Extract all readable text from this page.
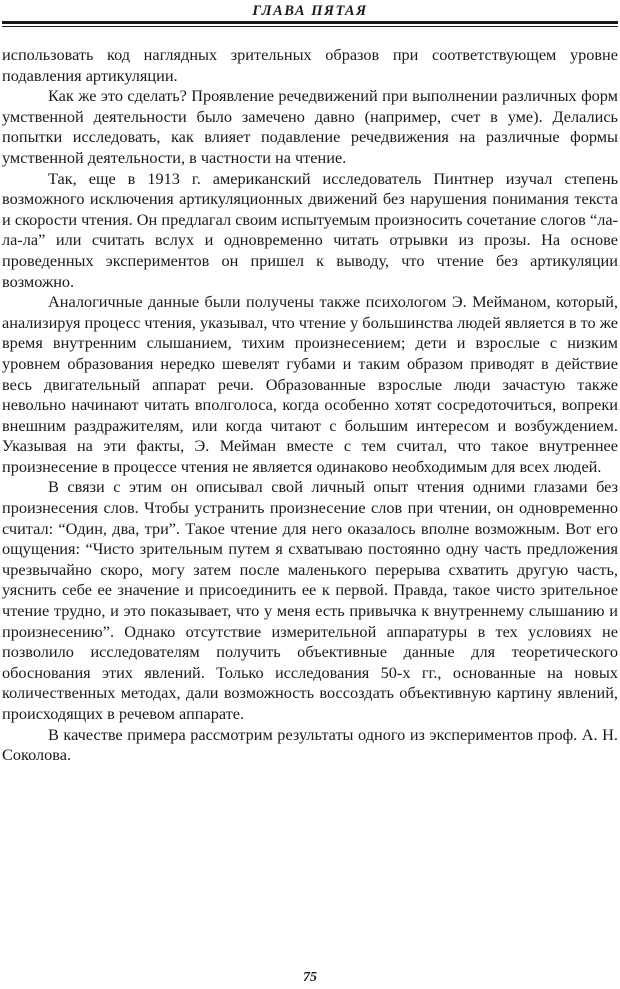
ГЛАВА ПЯТАЯ

использовать код наглядных зрительных образов при соответствующем уровне подавления артикуляции.

Как же это сделать? Проявление речедвижений при выполнении различных форм умственной деятельности было замечено давно (например, счет в уме). Делались попытки исследовать, как влияет подавление речедвижения на различные формы умственной деятельности, в частности на чтение.

Так, еще в 1913 г. американский исследователь Пинтнер изучал степень возможного исключения артикуляционных движений без нарушения понимания текста и скорости чтения. Он предлагал своим испытуемым произносить сочетание слогов “ла-ла-ла” или считать вслух и одновременно читать отрывки из прозы. На основе проведенных экспериментов он пришел к выводу, что чтение без артикуляции возможно.

Аналогичные данные были получены также психологом Э. Мейманом, который, анализируя процесс чтения, указывал, что чтение у большинства людей является в то же время внутренним слышанием, тихим произнесением; дети и взрослые с низким уровнем образования нередко шевелят губами и таким образом приводят в действие весь двигательный аппарат речи. Образованные взрослые люди зачастую также невольно начинают читать вполголоса, когда особенно хотят сосредоточиться, вопреки внешним раздражителям, или когда читают с большим интересом и возбуждением. Указывая на эти факты, Э. Мейман вместе с тем считал, что такое внутреннее произнесение в процессе чтения не является одинаково необходимым для всех людей.

В связи с этим он описывал свой личный опыт чтения одними глазами без произнесения слов. Чтобы устранить произнесение слов при чтении, он одновременно считал: “Один, два, три”. Такое чтение для него оказалось вполне возможным. Вот его ощущения: “Чисто зрительным путем я схватываю постоянно одну часть предложения чрезвычайно скоро, могу затем после маленького перерыва схватить другую часть, уяснить себе ее значение и присоединить ее к первой. Правда, такое чисто зрительное чтение трудно, и это показывает, что у меня есть привычка к внутреннему слышанию и произнесению”. Однако отсутствие измерительной аппаратуры в тех условиях не позволило исследователям получить объективные данные для теоретического обоснования этих явлений. Только исследования 50-х гг., основанные на новых количественных методах, дали возможность воссоздать объективную картину явлений, происходящих в речевом аппарате.

В качестве примера рассмотрим результаты одного из экспериментов проф. А. Н. Соколова.

75
